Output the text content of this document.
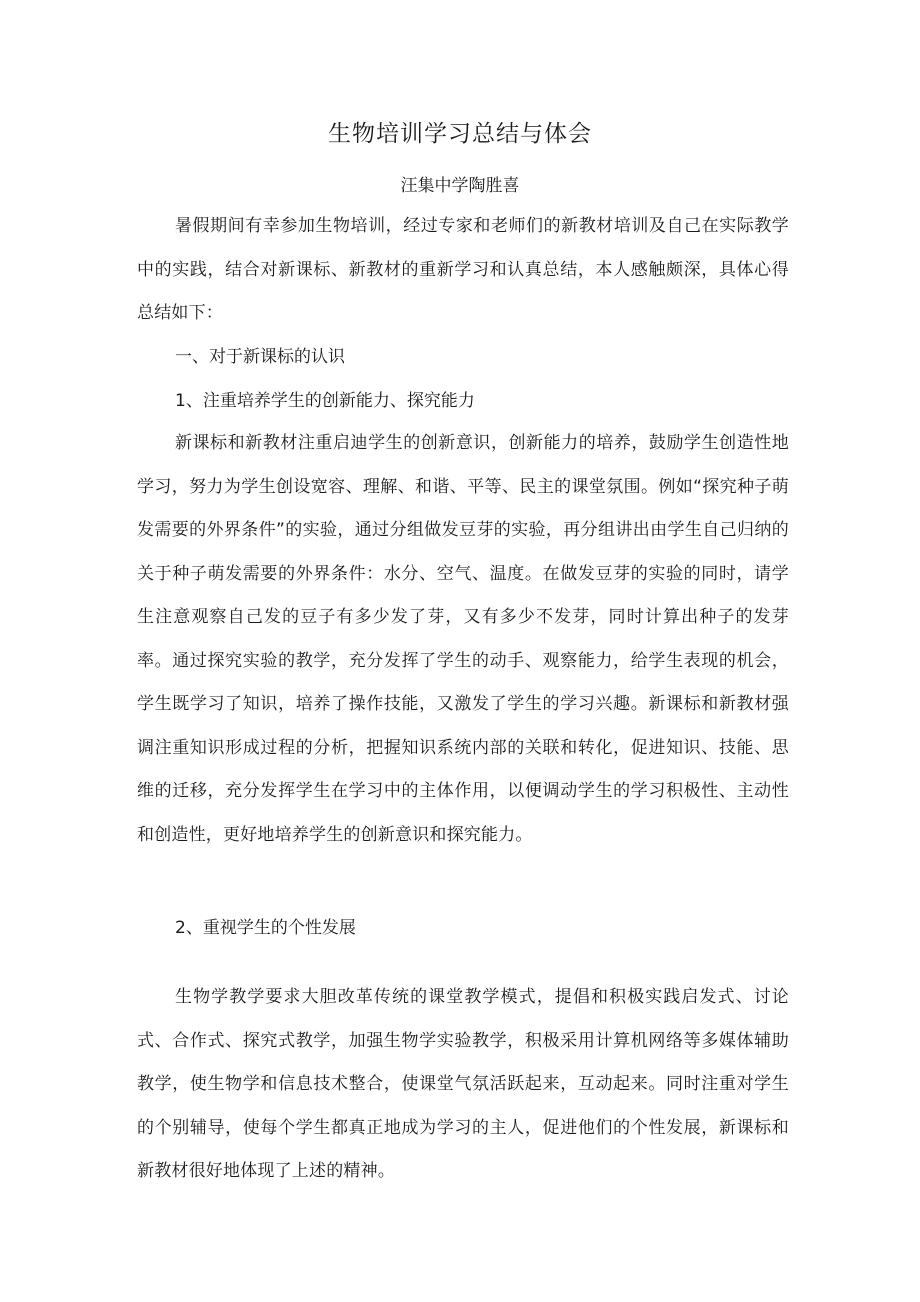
生物培训学习总结与体会
汪集中学陶胜喜

暑假期间有幸参加生物培训，经过专家和老师们的新教材培训及自己在实际教学中的实践，结合对新课标、新教材的重新学习和认真总结，本人感触颇深，具体心得总结如下：

一、对于新课标的认识
1、注重培养学生的创新能力、探究能力

新课标和新教材注重启迪学生的创新意识，创新能力的培养，鼓励学生创造性地学习，努力为学生创设宽容、理解、和谐、平等、民主的课堂氛围。例如“探究种子萌发需要的外界条件”的实验，通过分组做发豆芽的实验，再分组讲出由学生自己归纳的关于种子萌发需要的外界条件：水分、空气、温度。在做发豆芽的实验的同时，请学生注意观察自己发的豆子有多少发了芽，又有多少不发芽，同时计算出种子的发芽率。通过探究实验的教学，充分发挥了学生的动手、观察能力，给学生表现的机会，学生既学习了知识，培养了操作技能，又激发了学生的学习兴趣。新课标和新教材强调注重知识形成过程的分析，把握知识系统内部的关联和转化，促进知识、技能、思维的迁移，充分发挥学生在学习中的主体作用，以便调动学生的学习积极性、主动性和创造性，更好地培养学生的创新意识和探究能力。

2、重视学生的个性发展

生物学教学要求大胆改革传统的课堂教学模式，提倡和积极实践启发式、讨论式、合作式、探究式教学，加强生物学实验教学，积极采用计算机网络等多媒体辅助教学，使生物学和信息技术整合，使课堂气氛活跃起来，互动起来。同时注重对学生的个别辅导，使每个学生都真正地成为学习的主人，促进他们的个性发展，新课标和新教材很好地体现了上述的精神。
